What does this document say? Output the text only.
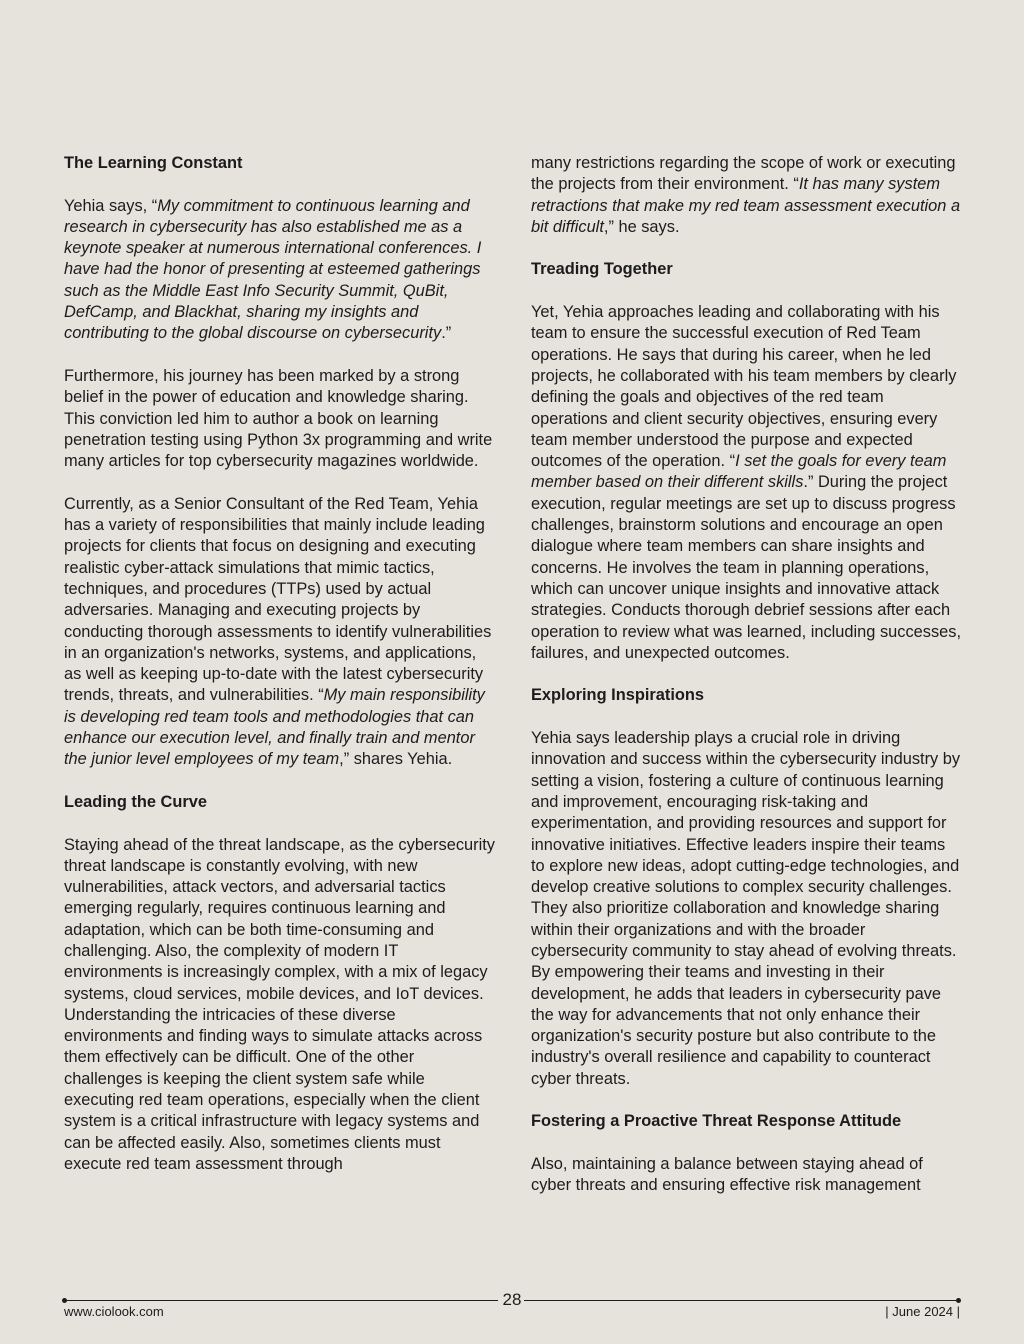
The Learning Constant

Yehia says, “My commitment to continuous learning and research in cybersecurity has also established me as a keynote speaker at numerous international conferences. I have had the honor of presenting at esteemed gatherings such as the Middle East Info Security Summit, QuBit, DefCamp, and Blackhat, sharing my insights and contributing to the global discourse on cybersecurity.”

Furthermore, his journey has been marked by a strong belief in the power of education and knowledge sharing. This conviction led him to author a book on learning penetration testing using Python 3x programming and write many articles for top cybersecurity magazines worldwide.

Currently, as a Senior Consultant of the Red Team, Yehia has a variety of responsibilities that mainly include leading projects for clients that focus on designing and executing realistic cyber-attack simulations that mimic tactics, techniques, and procedures (TTPs) used by actual adversaries. Managing and executing projects by conducting thorough assessments to identify vulnerabilities in an organization's networks, systems, and applications, as well as keeping up-to-date with the latest cybersecurity trends, threats, and vulnerabilities. “My main responsibility is developing red team tools and methodologies that can enhance our execution level, and finally train and mentor the junior level employees of my team,” shares Yehia.

Leading the Curve

Staying ahead of the threat landscape, as the cybersecurity threat landscape is constantly evolving, with new vulnerabilities, attack vectors, and adversarial tactics emerging regularly, requires continuous learning and adaptation, which can be both time-consuming and challenging. Also, the complexity of modern IT environments is increasingly complex, with a mix of legacy systems, cloud services, mobile devices, and IoT devices. Understanding the intricacies of these diverse environments and finding ways to simulate attacks across them effectively can be difficult. One of the other challenges is keeping the client system safe while executing red team operations, especially when the client system is a critical infrastructure with legacy systems and can be affected easily. Also, sometimes clients must execute red team assessment through

many restrictions regarding the scope of work or executing the projects from their environment. “It has many system retractions that make my red team assessment execution a bit difficult,” he says.

Treading Together

Yet, Yehia approaches leading and collaborating with his team to ensure the successful execution of Red Team operations. He says that during his career, when he led projects, he collaborated with his team members by clearly defining the goals and objectives of the red team operations and client security objectives, ensuring every team member understood the purpose and expected outcomes of the operation. “I set the goals for every team member based on their different skills.” During the project execution, regular meetings are set up to discuss progress challenges, brainstorm solutions and encourage an open dialogue where team members can share insights and concerns. He involves the team in planning operations, which can uncover unique insights and innovative attack strategies. Conducts thorough debrief sessions after each operation to review what was learned, including successes, failures, and unexpected outcomes.

Exploring Inspirations

Yehia says leadership plays a crucial role in driving innovation and success within the cybersecurity industry by setting a vision, fostering a culture of continuous learning and improvement, encouraging risk-taking and experimentation, and providing resources and support for innovative initiatives. Effective leaders inspire their teams to explore new ideas, adopt cutting-edge technologies, and develop creative solutions to complex security challenges. They also prioritize collaboration and knowledge sharing within their organizations and with the broader cybersecurity community to stay ahead of evolving threats. By empowering their teams and investing in their development, he adds that leaders in cybersecurity pave the way for advancements that not only enhance their organization's security posture but also contribute to the industry's overall resilience and capability to counteract cyber threats.

Fostering a Proactive Threat Response Attitude

Also, maintaining a balance between staying ahead of cyber threats and ensuring effective risk management

28
www.ciolook.com	| June 2024 |
